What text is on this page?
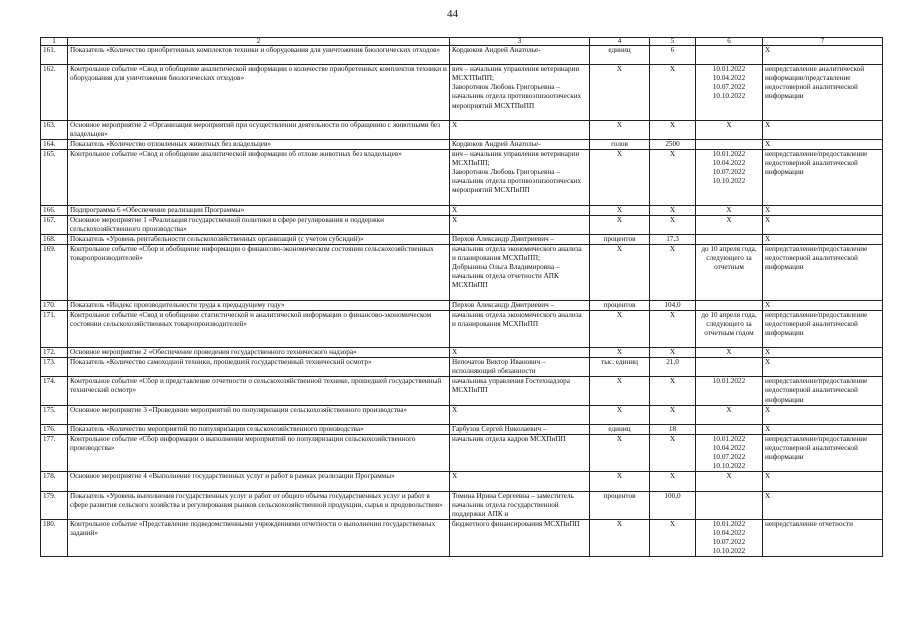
44
1	2	3	4	5	6	7
161.	Показатель «Количество приобретенных комплектов техники и оборудования для уничтожения биологических отходов»	Кордюков Андрей Анатолье-	единиц	6		X
162.	Контрольное событие «Свод и обобщение аналитической информации о количестве приобретенных комплектов техники и оборудования для уничтожения биологических отходов»	вич – начальник управления ветеринарии МСХТПиПП;
Заворотнюк Любовь Григорьевна – начальник отдела противоэпизоотических мероприятий МСХТПиПП	X	X	10.01.2022
10.04.2022
10.07.2022
10.10.2022	непредставление аналитической информации/представление недостоверной аналитической информации
163.	Основное мероприятие 2 «Организация мероприятий при осуществлении деятельности по обращению с животными без владельцев»	X	X	X	X	X
164.	Показатель «Количество отловленных животных без владельцев»	Кордюков Андрей Анатолье-	голов	2500		X
165.	Контрольное событие «Свод и обобщение аналитической информации об отлове животных без владельцев»	вич – начальник управления ветеринарии МСХПиПП;
Заворотнюк Любовь Григорьевна – начальник отдела противоэпизоотических мероприятий МСХПиПП	X	X	10.01.2022
10.04.2022
10.07.2022
10.10.2022	непредставление/предоставление недостоверной аналитической информации
166.	Подпрограмма 6 «Обеспечение реализации Программы»	X	X	X	X	X
167.	Основное мероприятие 1 «Реализация государственной политики в сфере регулирования и поддержки сельскохозяйственного производства»	X	X	X	X	X
168.	Показатель «Уровень рентабельности сельскохозяйственных организаций (с учетом субсидий)»	Перхов Александр Дмитриевич –	процентов	17,3		X
169.	Контрольное событие «Сбор и обобщение информации о финансово-экономическом состоянии сельскохозяйственных товаропроизводителей»	начальник отдела экономического анализа и планирования МСХПиПП;
Добрынина Ольга Владимировна – начальник отдела отчетности АПК МСХПиПП	X	X	до 10 апреля года, следующего за отчетным	непредставление/предоставление недостоверной аналитической информации
170.	Показатель «Индекс производительности труда к предыдущему году»	Перхов Александр Дмитриевич –	процентов	104,0		X
171.	Контрольное событие «Свод и обобщение статистической и аналитической информации о финансово-экономическом состоянии сельскохозяйственных товаропроизводителей»	начальник отдела экономического анализа и планирования МСХПиПП	X	X	до 10 апреля года, следующего за отчетным годом	непредставление/предоставление недостоверной аналитической информации
172.	Основное мероприятие 2 «Обеспечение проведения государственного технического надзора»	X	X	X	X	X
173.	Показатель «Количество самоходной техники, прошедшей государственный технический осмотр»	Непочатов Виктор Иванович – исполняющий обязанности	тыс. единиц	21,0		X
174.	Контрольное событие «Сбор и представление отчетности о сельскохозяйственной технике, прошедшей государственный технический осмотр»	начальника управления Гостехнадзора МСХПиПП	X	X	10.01.2022	непредставление/предоставление недостоверной аналитической информации
175.	Основное мероприятие 3 «Проведение мероприятий по популяризации сельскохозяйственного производства»	X	X	X	X	X
176.	Показатель «Количество мероприятий по популяризации сельскохозяйственного производства»	Гарбузов Сергей Николаевич –	единиц	18		X
177.	Контрольное событие «Сбор информации о выполнении мероприятий по популяризации сельскохозяйственного производства»	начальник отдела кадров МСХПиПП	X	X	10.01.2022
10.04.2022
10.07.2022
10.10.2022	непредставление/предоставление недостоверной аналитической информации
178.	Основное мероприятие 4 «Выполнение государственных услуг и работ в рамках реализации Программы»	X	X	X	X	X
179.	Показатель «Уровень выполнения государственных услуг и работ от общего объема государственных услуг и работ в сфере развития сельского хозяйства и регулирования рынков сельскохозяйственной продукции, сырья и продовольствия»	Томина Ирина Сергеевна – заместитель начальник отдела государственной поддержки АПК и	процентов	100,0		X
180.	Контрольное событие «Представление подведомственными учреждениями отчетности о выполнении государственных заданий»	бюджетного финансирования МСХПиПП	X	X	10.01.2022
10.04.2022
10.07.2022
10.10.2022	непредставление отчетности
